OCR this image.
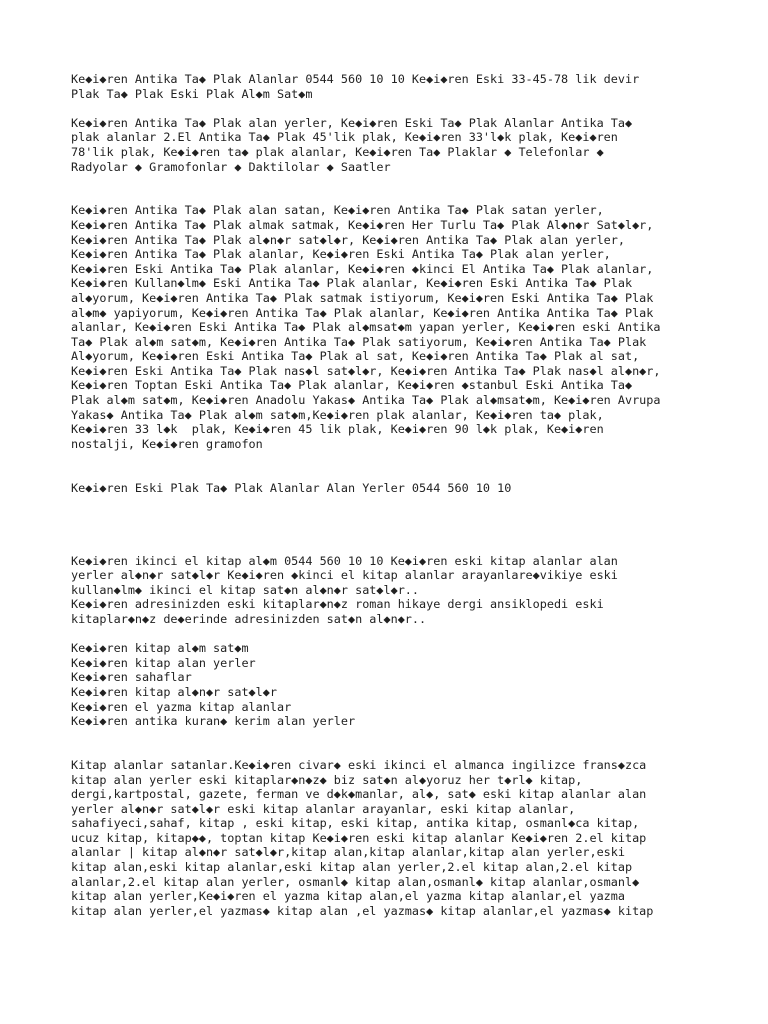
Ke◆i◆ren Antika Ta◆ Plak Alanlar 0544 560 10 10 Ke◆i◆ren Eski 33-45-78 lik devir
Plak Ta◆ Plak Eski Plak Al◆m Sat◆m

Ke◆i◆ren Antika Ta◆ Plak alan yerler, Ke◆i◆ren Eski Ta◆ Plak Alanlar Antika Ta◆
plak alanlar 2.El Antika Ta◆ Plak 45'lik plak, Ke◆i◆ren 33'l◆k plak, Ke◆i◆ren
78'lik plak, Ke◆i◆ren ta◆ plak alanlar, Ke◆i◆ren Ta◆ Plaklar ◆ Telefonlar ◆
Radyolar ◆ Gramofonlar ◆ Daktilolar ◆ Saatler

Ke◆i◆ren Antika Ta◆ Plak alan satan, Ke◆i◆ren Antika Ta◆ Plak satan yerler,
Ke◆i◆ren Antika Ta◆ Plak almak satmak, Ke◆i◆ren Her Turlu Ta◆ Plak Al◆n◆r Sat◆l◆r,
Ke◆i◆ren Antika Ta◆ Plak al◆n◆r sat◆l◆r, Ke◆i◆ren Antika Ta◆ Plak alan yerler,
Ke◆i◆ren Antika Ta◆ Plak alanlar, Ke◆i◆ren Eski Antika Ta◆ Plak alan yerler,
Ke◆i◆ren Eski Antika Ta◆ Plak alanlar, Ke◆i◆ren ◆kinci El Antika Ta◆ Plak alanlar,
Ke◆i◆ren Kullan◆lm◆ Eski Antika Ta◆ Plak alanlar, Ke◆i◆ren Eski Antika Ta◆ Plak
al◆yorum, Ke◆i◆ren Antika Ta◆ Plak satmak istiyorum, Ke◆i◆ren Eski Antika Ta◆ Plak
al◆m◆ yapiyorum, Ke◆i◆ren Antika Ta◆ Plak alanlar, Ke◆i◆ren Antika Antika Ta◆ Plak
alanlar, Ke◆i◆ren Eski Antika Ta◆ Plak al◆msat◆m yapan yerler, Ke◆i◆ren eski Antika
Ta◆ Plak al◆m sat◆m, Ke◆i◆ren Antika Ta◆ Plak satiyorum, Ke◆i◆ren Antika Ta◆ Plak
Al◆yorum, Ke◆i◆ren Eski Antika Ta◆ Plak al sat, Ke◆i◆ren Antika Ta◆ Plak al sat,
Ke◆i◆ren Eski Antika Ta◆ Plak nas◆l sat◆l◆r, Ke◆i◆ren Antika Ta◆ Plak nas◆l al◆n◆r,
Ke◆i◆ren Toptan Eski Antika Ta◆ Plak alanlar, Ke◆i◆ren ◆stanbul Eski Antika Ta◆
Plak al◆m sat◆m, Ke◆i◆ren Anadolu Yakas◆ Antika Ta◆ Plak al◆msat◆m, Ke◆i◆ren Avrupa
Yakas◆ Antika Ta◆ Plak al◆m sat◆m,Ke◆i◆ren plak alanlar, Ke◆i◆ren ta◆ plak,
Ke◆i◆ren 33 l◆k  plak, Ke◆i◆ren 45 lik plak, Ke◆i◆ren 90 l◆k plak, Ke◆i◆ren
nostalji, Ke◆i◆ren gramofon

Ke◆i◆ren Eski Plak Ta◆ Plak Alanlar Alan Yerler 0544 560 10 10

Ke◆i◆ren ikinci el kitap al◆m 0544 560 10 10 Ke◆i◆ren eski kitap alanlar alan
yerler al◆n◆r sat◆l◆r Ke◆i◆ren ◆kinci el kitap alanlar arayanlare◆vikiye eski
kullan◆lm◆ ikinci el kitap sat◆n al◆n◆r sat◆l◆r..
Ke◆i◆ren adresinizden eski kitaplar◆n◆z roman hikaye dergi ansiklopedi eski
kitaplar◆n◆z de◆erinde adresinizden sat◆n al◆n◆r..

Ke◆i◆ren kitap al◆m sat◆m
Ke◆i◆ren kitap alan yerler
Ke◆i◆ren sahaflar
Ke◆i◆ren kitap al◆n◆r sat◆l◆r
Ke◆i◆ren el yazma kitap alanlar
Ke◆i◆ren antika kuran◆ kerim alan yerler

Kitap alanlar satanlar.Ke◆i◆ren civar◆ eski ikinci el almanca ingilizce frans◆zca
kitap alan yerler eski kitaplar◆n◆z◆ biz sat◆n al◆yoruz her t◆rl◆ kitap,
dergi,kartpostal, gazete, ferman ve d◆k◆manlar, al◆, sat◆ eski kitap alanlar alan
yerler al◆n◆r sat◆l◆r eski kitap alanlar arayanlar, eski kitap alanlar,
sahafiyeci,sahaf, kitap , eski kitap, eski kitap, antika kitap, osmanl◆ca kitap,
ucuz kitap, kitap◆◆, toptan kitap Ke◆i◆ren eski kitap alanlar Ke◆i◆ren 2.el kitap
alanlar | kitap al◆n◆r sat◆l◆r,kitap alan,kitap alanlar,kitap alan yerler,eski
kitap alan,eski kitap alanlar,eski kitap alan yerler,2.el kitap alan,2.el kitap
alanlar,2.el kitap alan yerler, osmanl◆ kitap alan,osmanl◆ kitap alanlar,osmanl◆
kitap alan yerler,Ke◆i◆ren el yazma kitap alan,el yazma kitap alanlar,el yazma
kitap alan yerler,el yazmas◆ kitap alan ,el yazmas◆ kitap alanlar,el yazmas◆ kitap
